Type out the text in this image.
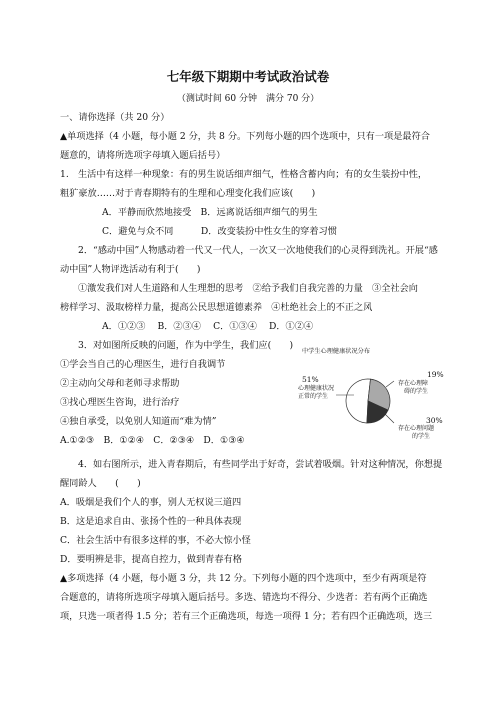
七年级下期期中考试政治试卷
（测试时间 60 分钟　满分 70 分）
一、请你选择（共 20 分）
▲单项选择（4 小题，每小题 2 分，共 8 分。下列每小题的四个选项中，只有一项是最符合
题意的，请将所选项字母填入题后括号）
1.　生活中有这样一种现象：有的男生说话细声细气，性格含蓄内向；有的女生装扮中性，
粗犷豪放……对于青春期特有的生理和心理变化我们应该(　　)
A．平静而欣然地接受　B．远离说话细声细气的男生
C．避免与众不同　　　D．改变装扮中性女生的穿着习惯
2．“感动中国”人物感动着一代又一代人，一次又一次地使我们的心灵得到洗礼。开展“感
动中国”人物评选活动有利于(　　)
①激发我们对人生道路和人生理想的思考　②给予我们自我完善的力量　③全社会向
榜样学习、汲取榜样力量，提高公民思想道德素养　④杜绝社会上的不正之风
A．①②③　 B．②③④　 C．①③④　 D．①②④
3．对如图所反映的问题，作为中学生，我们应(　　)
①学会当自己的心理医生，进行自我调节
②主动向父母和老师寻求帮助
③找心理医生咨询，进行治疗
④独自承受，以免别人知道而“难为情”
A.①②③　B．①②④　C．②③④　D．①③④
4．如右图所示，进入青春期后，有些同学出于好奇，尝试着吸烟。针对这种情况，你想提
醒同龄人　　(　　)
A．吸烟是我们个人的事，别人无权说三道四
B．这是追求自由、张扬个性的一种具体表现
C．社会生活中有很多这样的事，不必大惊小怪
D．要明辨是非，提高自控力，做到青春有格
▲多项选择（4 小题，每小题 3 分，共 12 分。下列每小题的四个选项中，至少有两项是符
合题意的，请将所选项字母填入题后括号。多选、错选均不得分、少选者：若有两个正确选
项，只选一项者得 1.5 分；若有三个正确选项，每选一项得 1 分；若有四个正确选项，选三
中学生心理健康状况分布
51%
心理健康状况
正常的学生
19%
存在心理障
碍的学生
30%
存在心理问题
的学生
